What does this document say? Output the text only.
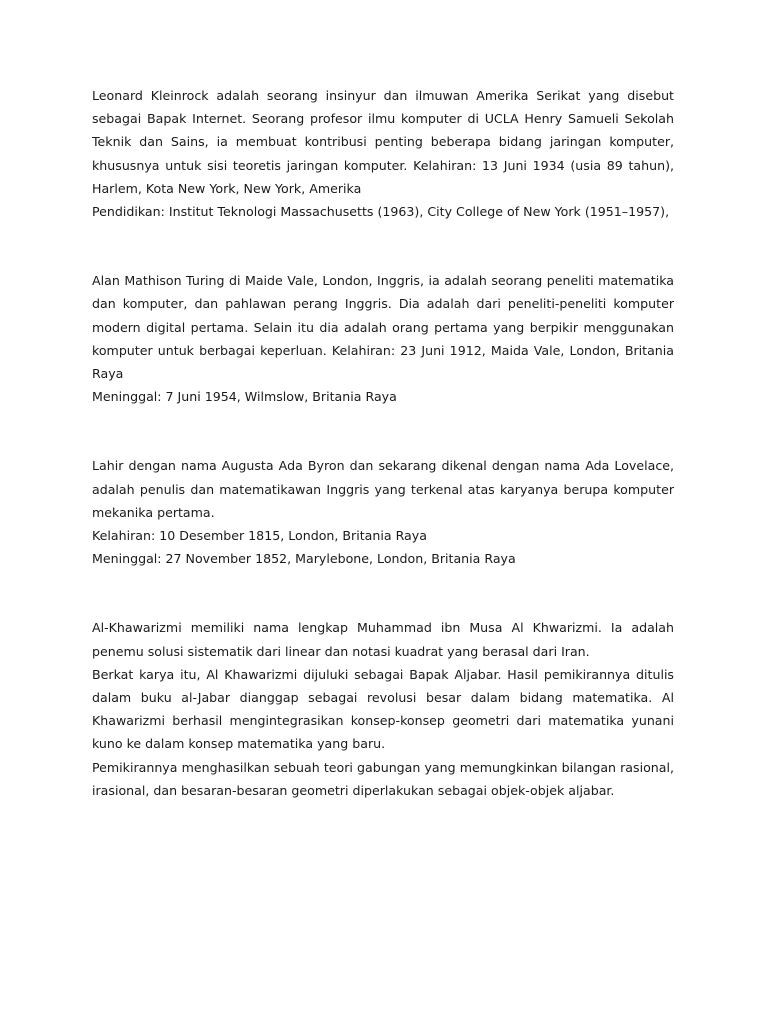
Leonard Kleinrock adalah seorang insinyur dan ilmuwan Amerika Serikat yang disebut sebagai Bapak Internet. Seorang profesor ilmu komputer di UCLA Henry Samueli Sekolah Teknik dan Sains, ia membuat kontribusi penting beberapa bidang jaringan komputer, khususnya untuk sisi teoretis jaringan komputer. Kelahiran: 13 Juni 1934 (usia 89 tahun), Harlem, Kota New York, New York, Amerika

Pendidikan: Institut Teknologi Massachusetts (1963), City College of New York (1951–1957),

Alan Mathison Turing di Maide Vale, London, Inggris, ia adalah seorang peneliti matematika dan komputer, dan pahlawan perang Inggris. Dia adalah dari peneliti-peneliti komputer modern digital pertama. Selain itu dia adalah orang pertama yang berpikir menggunakan komputer untuk berbagai keperluan. Kelahiran: 23 Juni 1912, Maida Vale, London, Britania Raya

Meninggal: 7 Juni 1954, Wilmslow, Britania Raya

Lahir dengan nama Augusta Ada Byron dan sekarang dikenal dengan nama Ada Lovelace, adalah penulis dan matematikawan Inggris yang terkenal atas karyanya berupa komputer mekanika pertama.

Kelahiran: 10 Desember 1815, London, Britania Raya

Meninggal: 27 November 1852, Marylebone, London, Britania Raya

Al-Khawarizmi memiliki nama lengkap Muhammad ibn Musa Al Khwarizmi. Ia adalah penemu solusi sistematik dari linear dan notasi kuadrat yang berasal dari Iran.

Berkat karya itu, Al Khawarizmi dijuluki sebagai Bapak Aljabar. Hasil pemikirannya ditulis dalam buku al-Jabar dianggap sebagai revolusi besar dalam bidang matematika. Al Khawarizmi berhasil mengintegrasikan konsep-konsep geometri dari matematika yunani kuno ke dalam konsep matematika yang baru.

Pemikirannya menghasilkan sebuah teori gabungan yang memungkinkan bilangan rasional, irasional, dan besaran-besaran geometri diperlakukan sebagai objek-objek aljabar.
